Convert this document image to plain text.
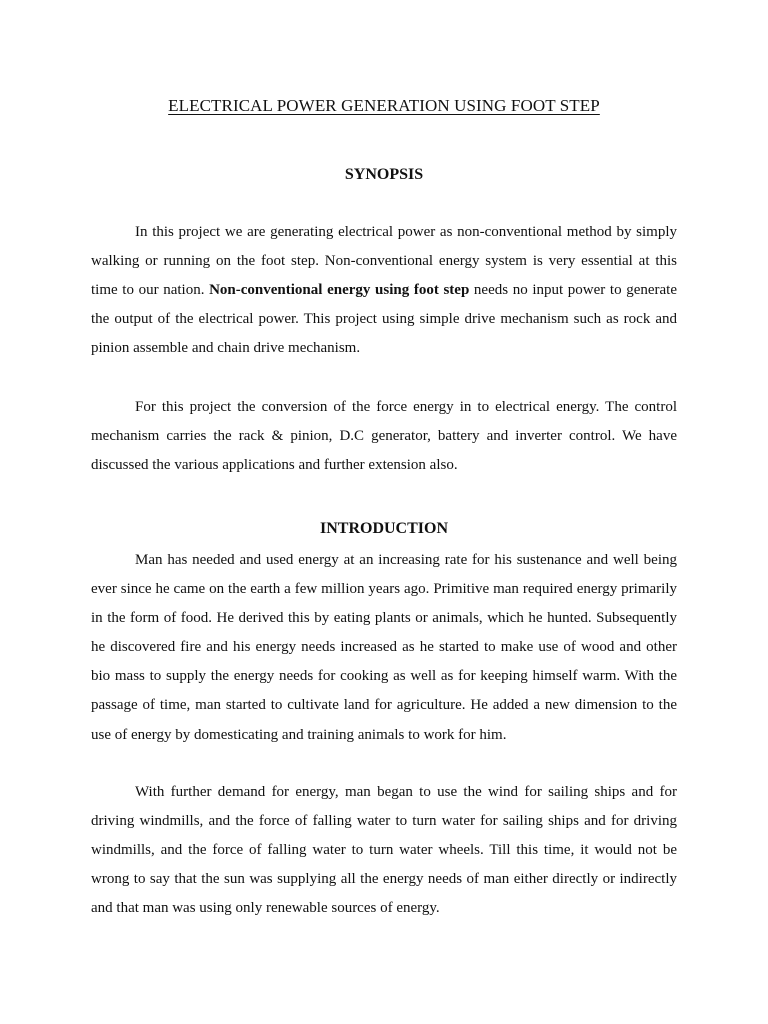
ELECTRICAL POWER GENERATION USING FOOT STEP
SYNOPSIS

In this project we are generating electrical power as non-conventional method by simply walking or running on the foot step. Non-conventional energy system is very essential at this time to our nation. Non-conventional energy using foot step needs no input power to generate the output of the electrical power. This project using simple drive mechanism such as rock and pinion assemble and chain drive mechanism.

For this project the conversion of the force energy in to electrical energy. The control mechanism carries the rack & pinion, D.C generator, battery and inverter control. We have discussed the various applications and further extension also.

INTRODUCTION

Man has needed and used energy at an increasing rate for his sustenance and well being ever since he came on the earth a few million years ago. Primitive man required energy primarily in the form of food. He derived this by eating plants or animals, which he hunted. Subsequently he discovered fire and his energy needs increased as he started to make use of wood and other bio mass to supply the energy needs for cooking as well as for keeping himself warm. With the passage of time, man started to cultivate land for agriculture. He added a new dimension to the use of energy by domesticating and training animals to work for him.

With further demand for energy, man began to use the wind for sailing ships and for driving windmills, and the force of falling water to turn water for sailing ships and for driving windmills, and the force of falling water to turn water wheels. Till this time, it would not be wrong to say that the sun was supplying all the energy needs of man either directly or indirectly and that man was using only renewable sources of energy.
